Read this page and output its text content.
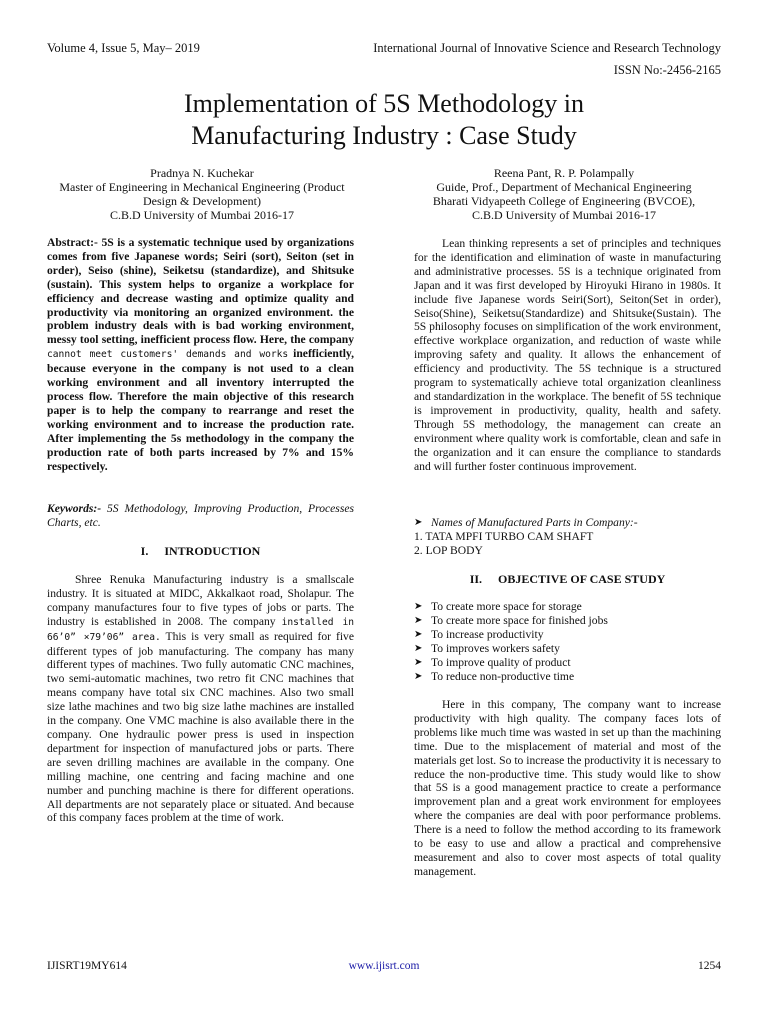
Volume 4, Issue 5, May– 2019	International Journal of Innovative Science and Research Technology
ISSN No:-2456-2165
Implementation of 5S Methodology in
Manufacturing Industry : Case Study
Pradnya N. Kuchekar
Master of Engineering in Mechanical Engineering (Product
Design & Development)
C.B.D University of Mumbai 2016-17
Reena Pant, R. P. Polampally
Guide, Prof., Department of Mechanical Engineering
Bharati Vidyapeeth College of Engineering (BVCOE),
C.B.D University of Mumbai 2016-17
Abstract:- 5S is a systematic technique used by organizations comes from five Japanese words; Seiri (sort), Seiton (set in order), Seiso (shine), Seiketsu (standardize), and Shitsuke (sustain). This system helps to organize a workplace for efficiency and decrease wasting and optimize quality and productivity via monitoring an organized environment. the problem industry deals with is bad working environment, messy tool setting, inefficient process flow. Here, the company cannot meet customers' demands and works inefficiently, because everyone in the company is not used to a clean working environment and all inventory interrupted the process flow. Therefore the main objective of this research paper is to help the company to rearrange and reset the working environment and to increase the production rate. After implementing the 5s methodology in the company the production rate of both parts increased by 7% and 15% respectively.
Keywords:- 5S Methodology, Improving Production, Processes Charts, etc.
I. INTRODUCTION
Shree Renuka Manufacturing industry is a smallscale industry. It is situated at MIDC, Akkalkaot road, Sholapur. The company manufactures four to five types of jobs or parts. The industry is established in 2008. The company installed in 66’0” ×79’06” area. This is very small as required for five different types of job manufacturing. The company has many different types of machines. Two fully automatic CNC machines, two semi-automatic machines, two retro fit CNC machines that means company have total six CNC machines. Also two small size lathe machines and two big size lathe machines are installed in the company. One VMC machine is also available there in the company. One hydraulic power press is used in inspection department for inspection of manufactured jobs or parts. There are seven drilling machines are available in the company. One milling machine, one centring and facing machine and one number and punching machine is there for different operations. All departments are not separately place or situated. And because of this company faces problem at the time of work.
Lean thinking represents a set of principles and techniques for the identification and elimination of waste in manufacturing and administrative processes. 5S is a technique originated from Japan and it was first developed by Hiroyuki Hirano in 1980s. It include five Japanese words Seiri(Sort), Seiton(Set in order), Seiso(Shine), Seiketsu(Standardize) and Shitsuke(Sustain). The 5S philosophy focuses on simplification of the work environment, effective workplace organization, and reduction of waste while improving safety and quality. It allows the enhancement of efficiency and productivity. The 5S technique is a structured program to systematically achieve total organization cleanliness and standardization in the workplace. The benefit of 5S technique is improvement in productivity, quality, health and safety. Through 5S methodology, the management can create an environment where quality work is comfortable, clean and safe in the organization and it can ensure the compliance to standards and will further foster continuous improvement.
➤ Names of Manufactured Parts in Company:-
1. TATA MPFI TURBO CAM SHAFT
2. LOP BODY
II. OBJECTIVE OF CASE STUDY
➤ To create more space for storage
➤ To create more space for finished jobs
➤ To increase productivity
➤ To improves workers safety
➤ To improve quality of product
➤ To reduce non-productive time
Here in this company, The company want to increase productivity with high quality. The company faces lots of problems like much time was wasted in set up than the machining time. Due to the misplacement of material and most of the materials get lost. So to increase the productivity it is necessary to reduce the non-productive time. This study would like to show that 5S is a good management practice to create a performance improvement plan and a great work environment for employees where the companies are deal with poor performance problems. There is a need to follow the method according to its framework to be easy to use and allow a practical and comprehensive measurement and also to cover most aspects of total quality management.
IJISRT19MY614	www.ijisrt.com	1254
